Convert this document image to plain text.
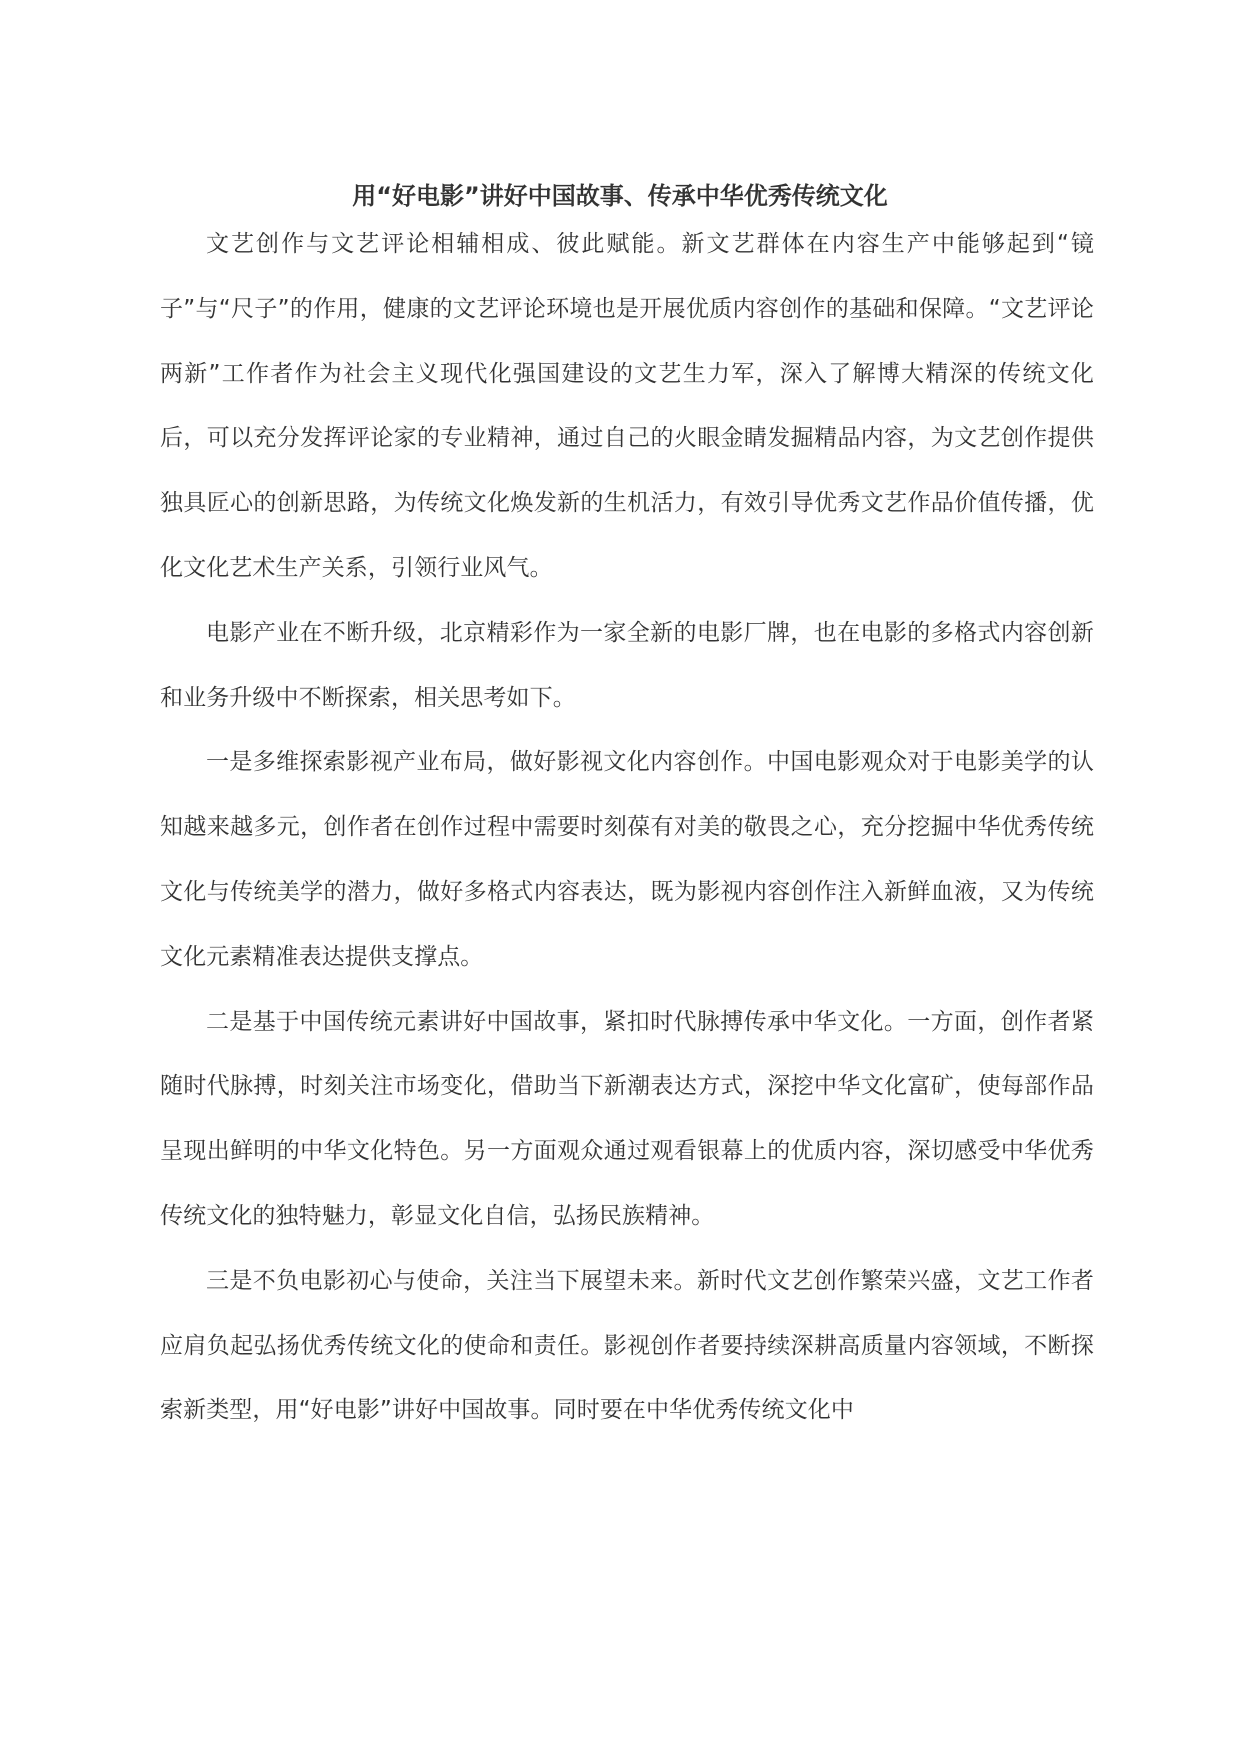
用“好电影”讲好中国故事、传承中华优秀传统文化

文艺创作与文艺评论相辅相成、彼此赋能。新文艺群体在内容生产中能够起到“镜子”与“尺子”的作用，健康的文艺评论环境也是开展优质内容创作的基础和保障。“文艺评论两新”工作者作为社会主义现代化强国建设的文艺生力军，深入了解博大精深的传统文化后，可以充分发挥评论家的专业精神，通过自己的火眼金睛发掘精品内容，为文艺创作提供独具匠心的创新思路，为传统文化焕发新的生机活力，有效引导优秀文艺作品价值传播，优化文化艺术生产关系，引领行业风气。

电影产业在不断升级，北京精彩作为一家全新的电影厂牌，也在电影的多格式内容创新和业务升级中不断探索，相关思考如下。

一是多维探索影视产业布局，做好影视文化内容创作。中国电影观众对于电影美学的认知越来越多元，创作者在创作过程中需要时刻葆有对美的敬畏之心，充分挖掘中华优秀传统文化与传统美学的潜力，做好多格式内容表达，既为影视内容创作注入新鲜血液，又为传统文化元素精准表达提供支撑点。

二是基于中国传统元素讲好中国故事，紧扣时代脉搏传承中华文化。一方面，创作者紧随时代脉搏，时刻关注市场变化，借助当下新潮表达方式，深挖中华文化富矿，使每部作品呈现出鲜明的中华文化特色。另一方面观众通过观看银幕上的优质内容，深切感受中华优秀传统文化的独特魅力，彰显文化自信，弘扬民族精神。

三是不负电影初心与使命，关注当下展望未来。新时代文艺创作繁荣兴盛，文艺工作者应肩负起弘扬优秀传统文化的使命和责任。影视创作者要持续深耕高质量内容领域，不断探索新类型，用“好电影”讲好中国故事。同时要在中华优秀传统文化中
